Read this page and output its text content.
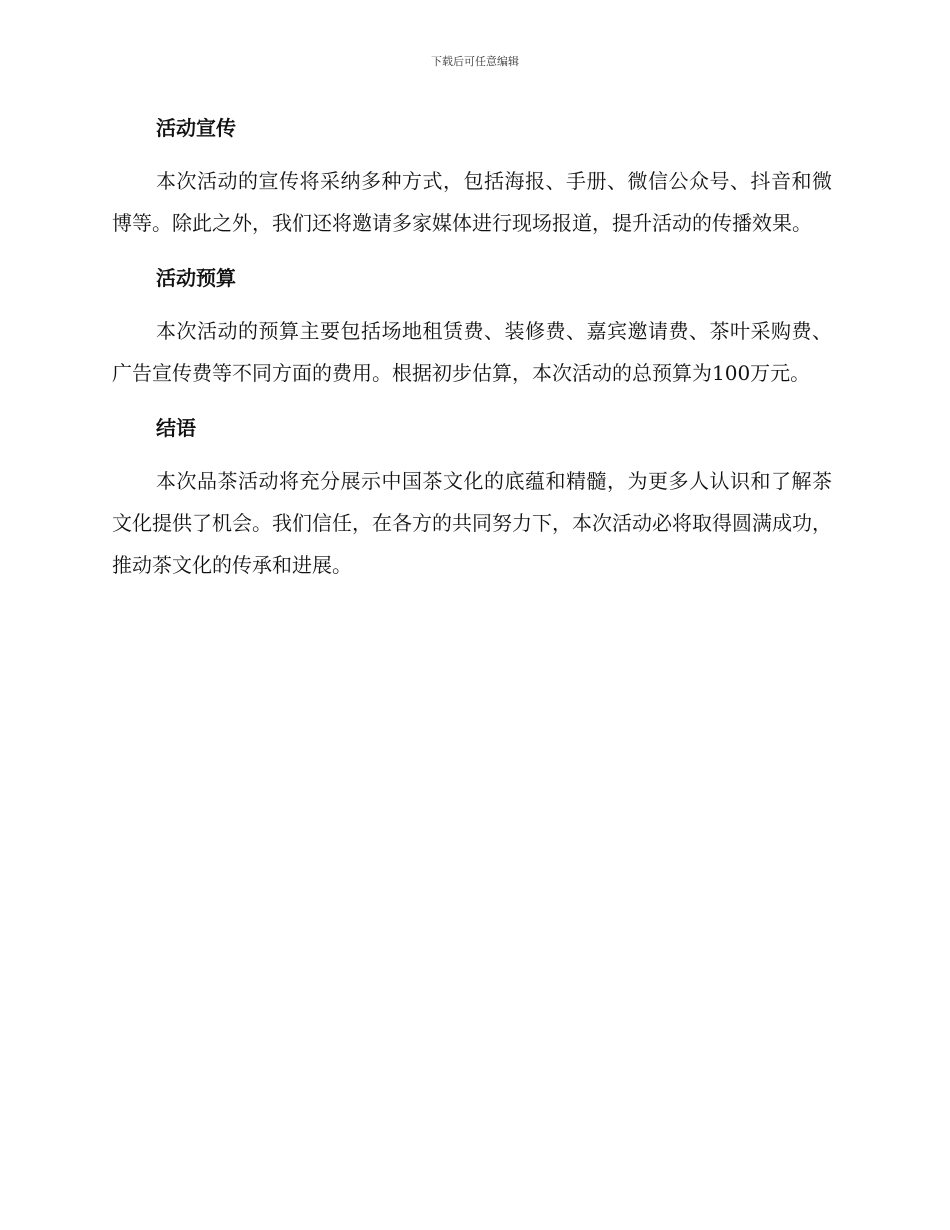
下载后可任意编辑
活动宣传

本次活动的宣传将采纳多种方式，包括海报、手册、微信公众号、抖音和微博等。除此之外，我们还将邀请多家媒体进行现场报道，提升活动的传播效果。

活动预算

本次活动的预算主要包括场地租赁费、装修费、嘉宾邀请费、茶叶采购费、广告宣传费等不同方面的费用。根据初步估算，本次活动的总预算为100万元。

结语

本次品茶活动将充分展示中国茶文化的底蕴和精髓，为更多人认识和了解茶文化提供了机会。我们信任，在各方的共同努力下，本次活动必将取得圆满成功，推动茶文化的传承和进展。
